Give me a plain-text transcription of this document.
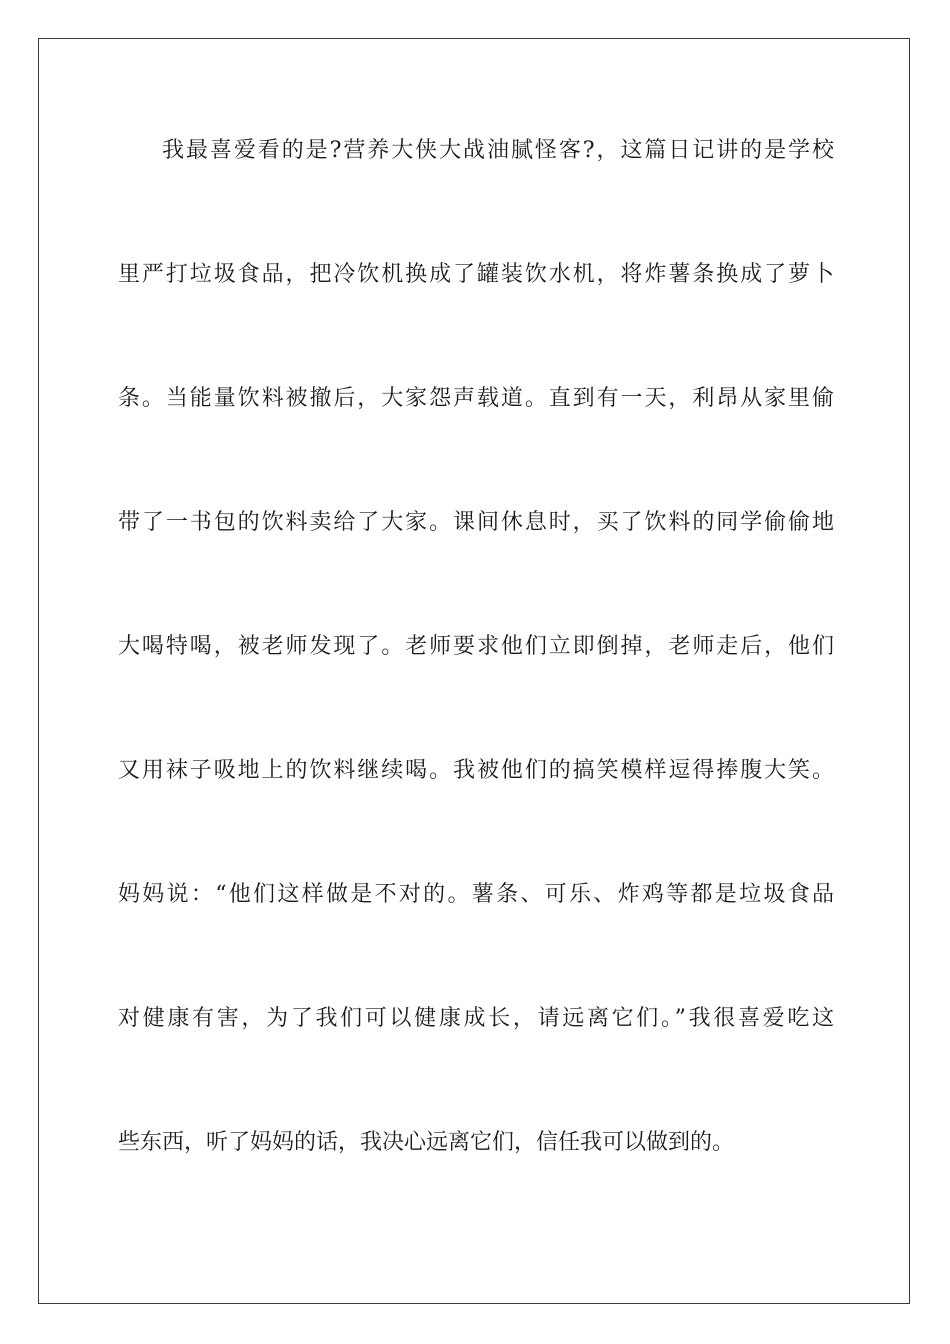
我最喜爱看的是?营养大侠大战油腻怪客?，这篇日记讲的是学校
里严打垃圾食品，把冷饮机换成了罐装饮水机，将炸薯条换成了萝卜
条。当能量饮料被撤后，大家怨声载道。直到有一天，利昂从家里偷
带了一书包的饮料卖给了大家。课间休息时，买了饮料的同学偷偷地
大喝特喝，被老师发现了。老师要求他们立即倒掉，老师走后，他们
又用袜子吸地上的饮料继续喝。我被他们的搞笑模样逗得捧腹大笑。
妈妈说：“他们这样做是不对的。薯条、可乐、炸鸡等都是垃圾食品
对健康有害，为了我们可以健康成长，请远离它们。”我很喜爱吃这
些东西，听了妈妈的话，我决心远离它们，信任我可以做到的。
